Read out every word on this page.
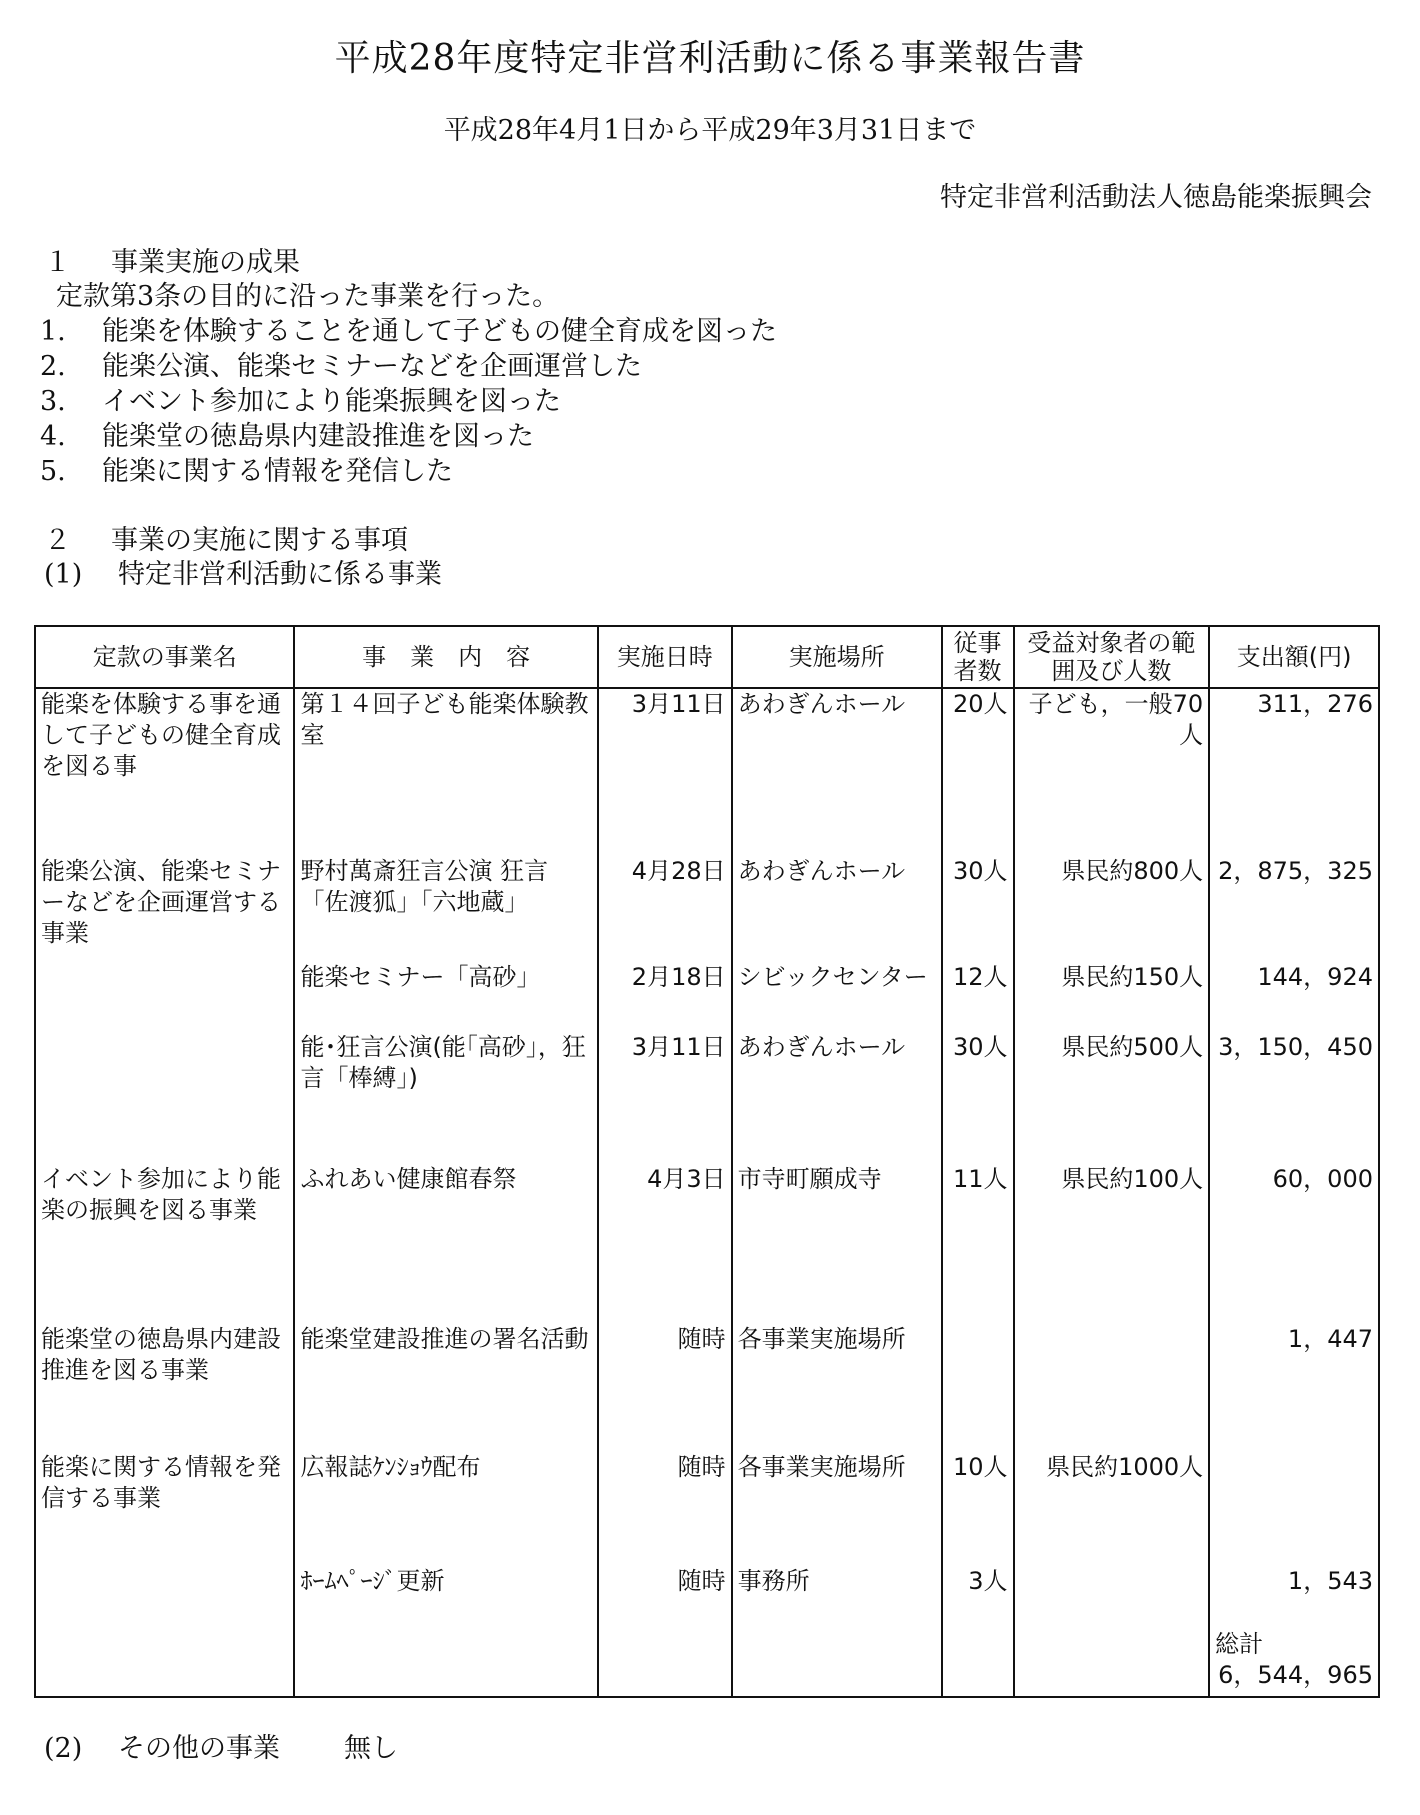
平成28年度特定非営利活動に係る事業報告書
平成28年4月1日から平成29年3月31日まで
特定非営利活動法人徳島能楽振興会
１ 事業実施の成果
定款第3条の目的に沿った事業を行った。
1. 能楽を体験することを通して子どもの健全育成を図った
2. 能楽公演、能楽セミナーなどを企画運営した
3. イベント参加により能楽振興を図った
4. 能楽堂の徳島県内建設推進を図った
5. 能楽に関する情報を発信した
２ 事業の実施に関する事項
(1) 特定非営利活動に係る事業
定款の事業名	事　業　内　容	実施日時	実施場所	従事者数	受益対象者の範囲及び人数	支出額(円)
能楽を体験する事を通して子どもの健全育成を図る事	第１４回子ども能楽体験教室	3月11日	あわぎんホール	20人	子ども，一般70人	311，276
能楽公演、能楽セミナーなどを企画運営する事業	野村萬斎狂言公演 狂言「佐渡狐」「六地蔵」	4月28日	あわぎんホール	30人	県民約800人	2，875，325
	能楽セミナー「高砂」	2月18日	シビックセンター	12人	県民約150人	144，924
	能･狂言公演(能｢高砂｣，狂言「棒縛」)	3月11日	あわぎんホール	30人	県民約500人	3，150，450
イベント参加により能楽の振興を図る事業	ふれあい健康館春祭	4月3日	市寺町願成寺	11人	県民約100人	60，000
能楽堂の徳島県内建設推進を図る事業	能楽堂建設推進の署名活動	随時	各事業実施場所			1，447
能楽に関する情報を発信する事業	広報誌ｹﾝｼｮｳ配布	随時	各事業実施場所	10人	県民約1000人	
	ﾎｰﾑﾍﾟｰｼﾞ更新	随時	事務所	3人		1，543
総計
6，544，965
(2) その他の事業 無し
